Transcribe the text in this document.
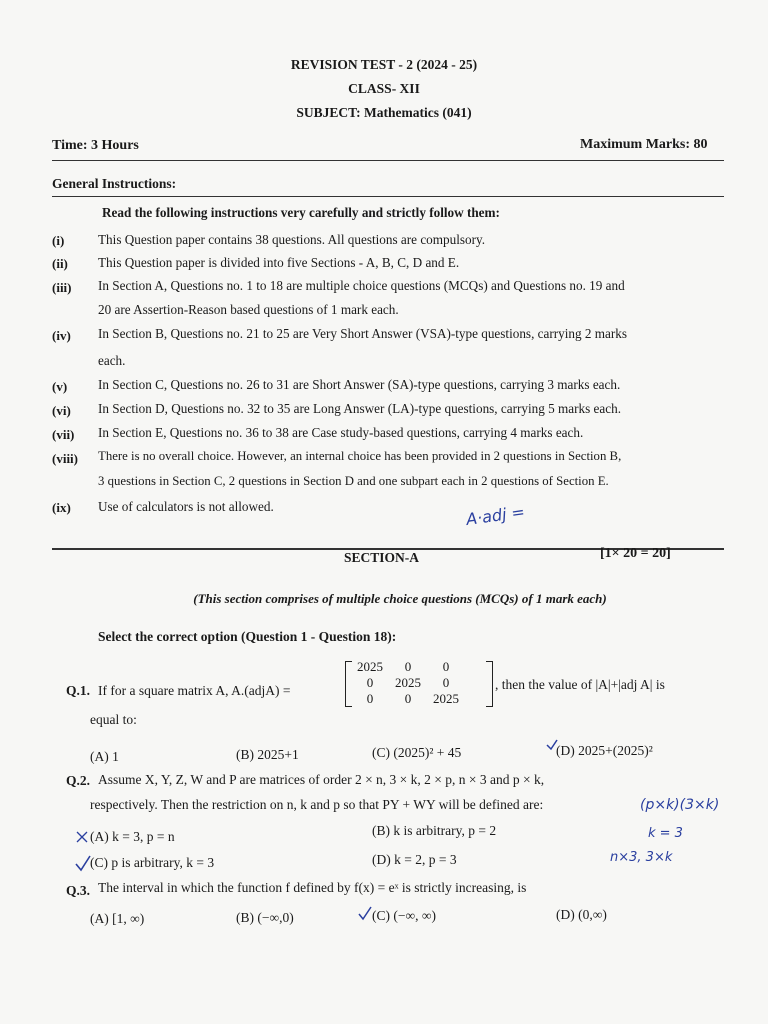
REVISION TEST - 2 (2024 - 25)
CLASS- XII
SUBJECT: Mathematics (041)
Time: 3 Hours	Maximum Marks: 80
General Instructions:
Read the following instructions very carefully and strictly follow them:
(i)	This Question paper contains 38 questions. All questions are compulsory.
(ii) This Question paper is divided into five Sections - A, B, C, D and E.
(iii) In Section A, Questions no. 1 to 18 are multiple choice questions (MCQs) and Questions no. 19 and
20 are Assertion-Reason based questions of 1 mark each.
(iv) In Section B, Questions no. 21 to 25 are Very Short Answer (VSA)-type questions, carrying 2 marks
each.
(v) In Section C, Questions no. 26 to 31 are Short Answer (SA)-type questions, carrying 3 marks each.
(vi) In Section D, Questions no. 32 to 35 are Long Answer (LA)-type questions, carrying 5 marks each.
(vii) In Section E, Questions no. 36 to 38 are Case study-based questions, carrying 4 marks each.
(viii) There is no overall choice. However, an internal choice has been provided in 2 questions in Section B,
3 questions in Section C, 2 questions in Section D and one subpart each in 2 questions of Section E.
(ix) Use of calculators is not allowed.	A·adj =
SECTION-A	[1× 20 = 20]
(This section comprises of multiple choice questions (MCQs) of 1 mark each)
Select the correct option (Question 1 - Question 18):
Q.1. If for a square matrix A, A.(adjA) =
2025	0	0
0	2025	0
0	0	2025
, then the value of |A|+|adj A| is
equal to:
(A) 1	(B) 2025+1	(C) (2025)² + 45	(D) 2025+(2025)²
Q.2. Assume X, Y, Z, W and P are matrices of order 2 × n, 3 × k, 2 × p, n × 3 and p × k,
respectively. Then the restriction on n, k and p so that PY + WY will be defined are:	(p×k)(3×k)
(A) k = 3, p = n	(B) k is arbitrary, p = 2
(C) p is arbitrary, k = 3	(D) k = 2, p = 3
k = 3
n×3, 3×k
Q.3. The interval in which the function f defined by f(x) = eˣ is strictly increasing, is
(A) [1, ∞)	(B) (−∞,0)	(C) (−∞, ∞)	(D) (0,∞)
